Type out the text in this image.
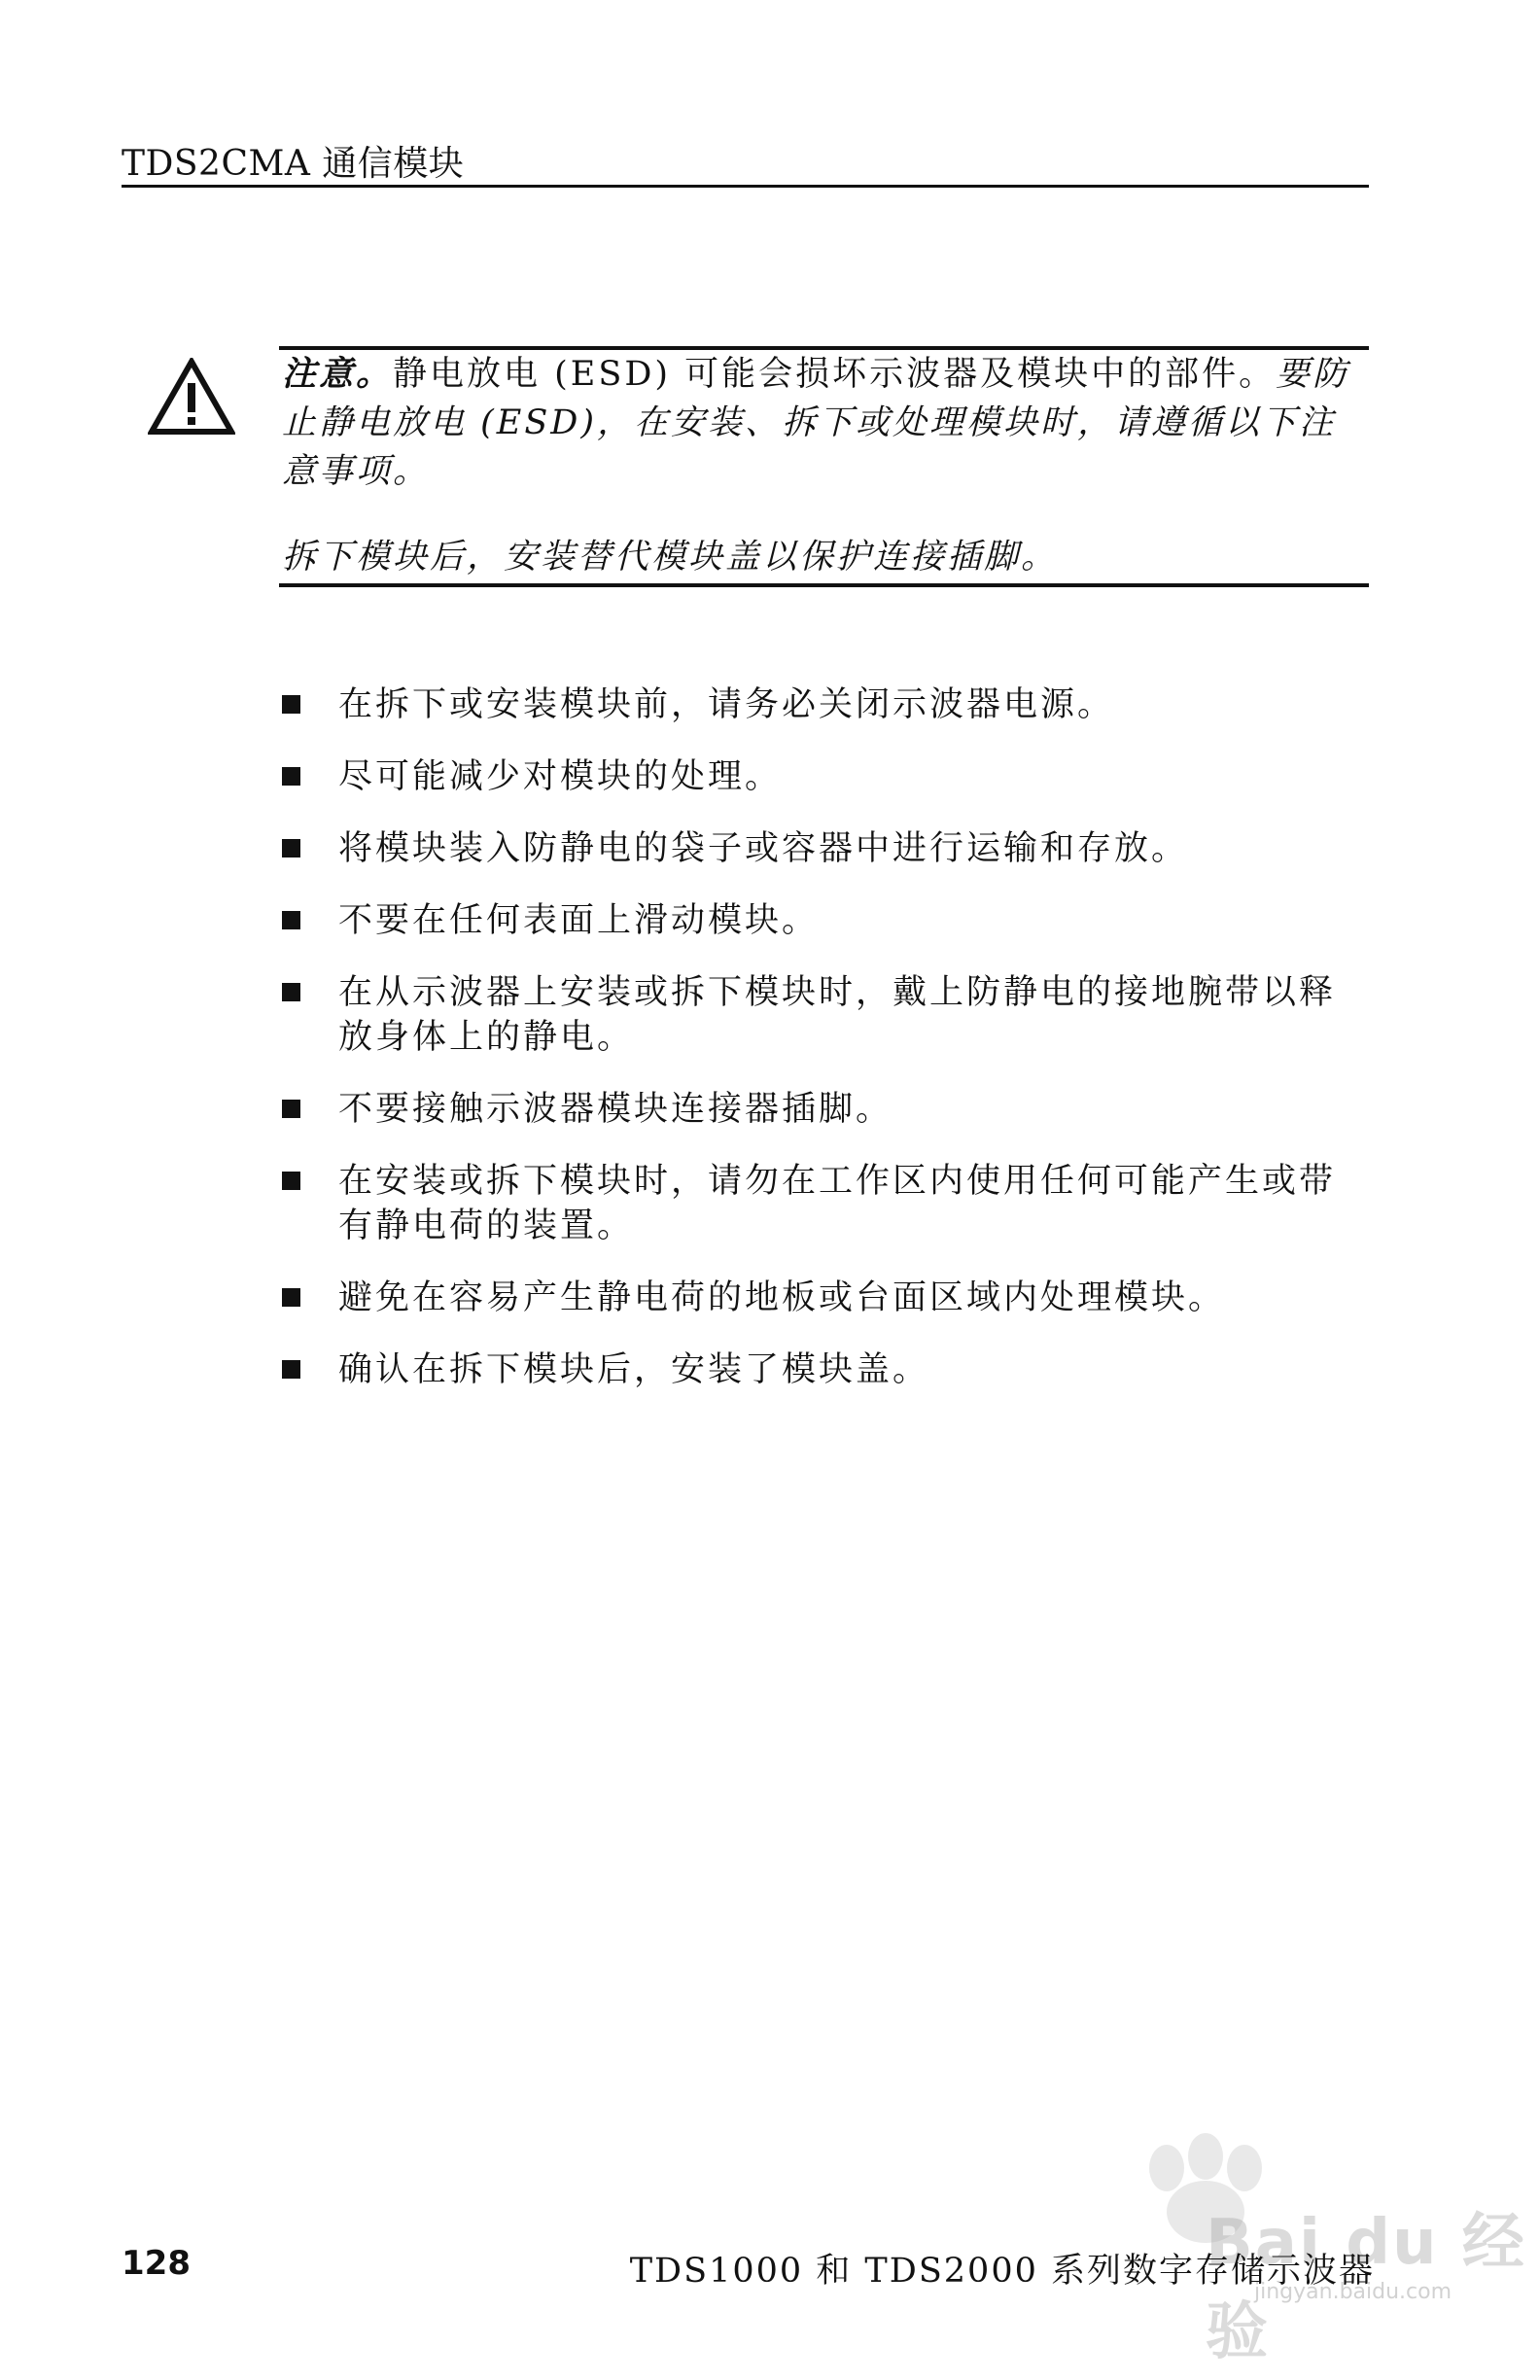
TDS2CMA 通信模块
注意。静电放电 (ESD) 可能会损坏示波器及模块中的部件。要防止静电放电 (ESD)，在安装、拆下或处理模块时，请遵循以下注意事项。
拆下模块后，安装替代模块盖以保护连接插脚。
在拆下或安装模块前，请务必关闭示波器电源。
尽可能减少对模块的处理。
将模块装入防静电的袋子或容器中进行运输和存放。
不要在任何表面上滑动模块。
在从示波器上安装或拆下模块时，戴上防静电的接地腕带以释放身体上的静电。
不要接触示波器模块连接器插脚。
在安装或拆下模块时，请勿在工作区内使用任何可能产生或带有静电荷的装置。
避免在容易产生静电荷的地板或台面区域内处理模块。
确认在拆下模块后，安装了模块盖。
Bai du 经验
jingyan.baidu.com
128	TDS1000 和 TDS2000 系列数字存储示波器
